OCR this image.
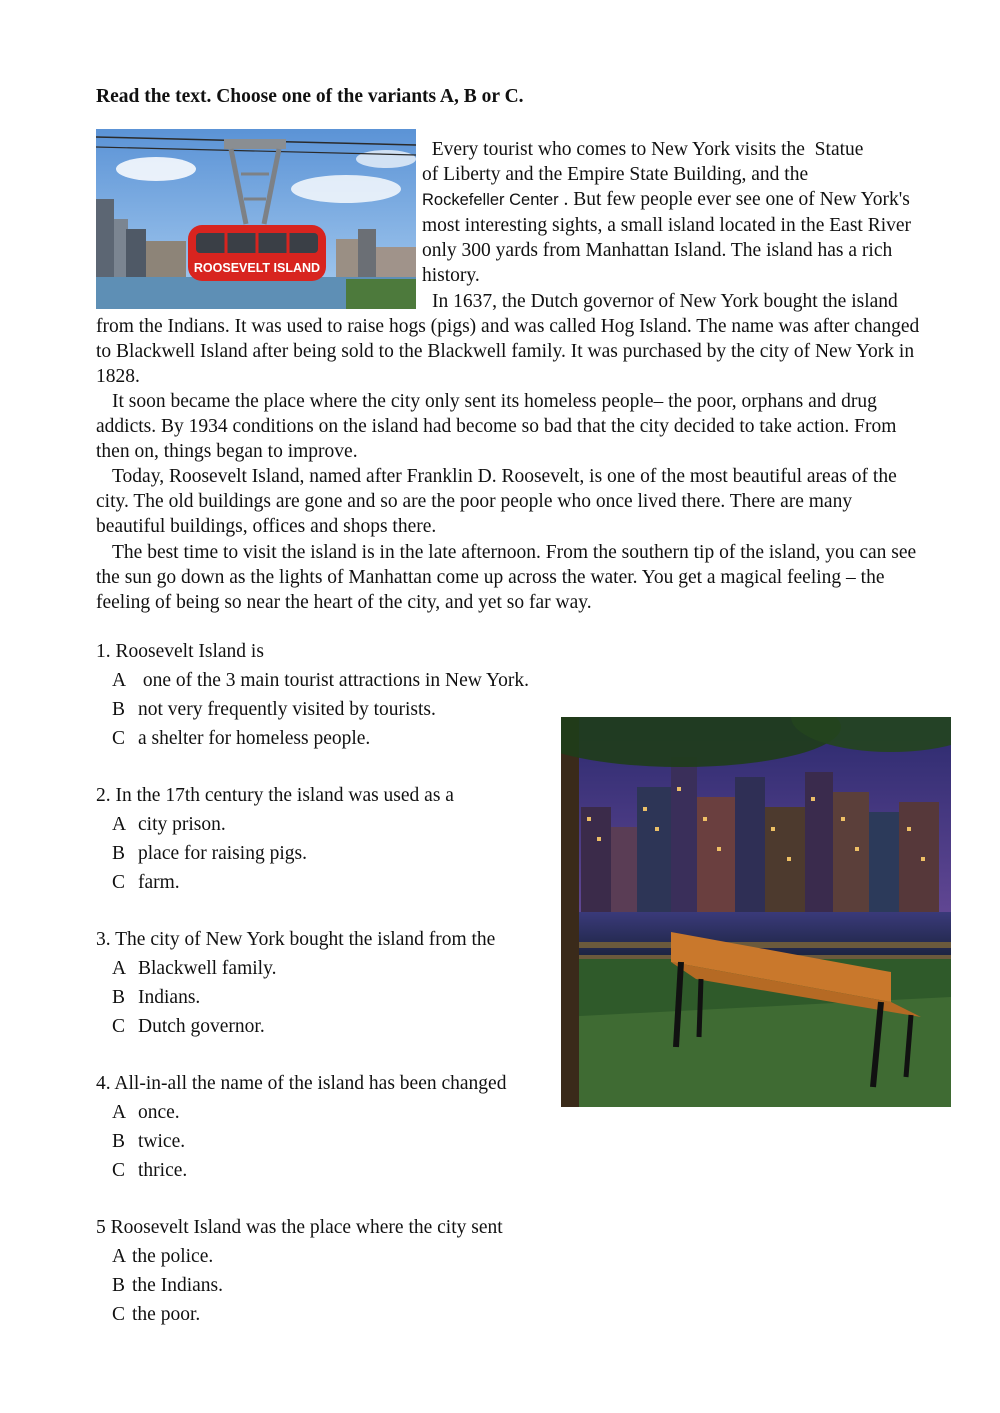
Read the text. Choose one of the variants A, B or C.
ROOSEVELT ISLAND

Every tourist who comes to New York visits the  Statue
of Liberty and the Empire State Building, and the
Rockefeller Center . But few people ever see one of New York's most interesting sights, a small island located in the East River only 300 yards from Manhattan Island. The island has a rich history.

In 1637, the Dutch governor of New York bought the island from the Indians. It was used to raise hogs (pigs) and was called Hog Island. The name was after changed to Blackwell Island after being sold to the Blackwell family. It was purchased by the city of New York in 1828.

It soon became the place where the city only sent its homeless people– the poor, orphans and drug addicts. By 1934 conditions on the island had become so bad that the city decided to take action. From then on, things began to improve.

Today, Roosevelt Island, named after Franklin D. Roosevelt, is one of the most beautiful areas of the city. The old buildings are gone and so are the poor people who once lived there. There are many beautiful buildings, offices and shops there.

The best time to visit the island is in the late afternoon. From the southern tip of the island, you can see the sun go down as the lights of Manhattan come up across the water. You get a magical feeling – the feeling of being so near the heart of the city, and yet so far way.

1. Roosevelt Island is

A one of the 3 main tourist attractions in New York.

B not very frequently visited by tourists.

C a shelter for homeless people.

2. In the 17th century the island was used as a

A city prison.

B place for raising pigs.

C farm.

3. The city of New York bought the island from the

A Blackwell family.

B Indians.

C Dutch governor.

4. All-in-all the name of the island has been changed

A once.

B twice.

C thrice.

5 Roosevelt Island was the place where the city sent

A the police.

B the Indians.

C the poor.
